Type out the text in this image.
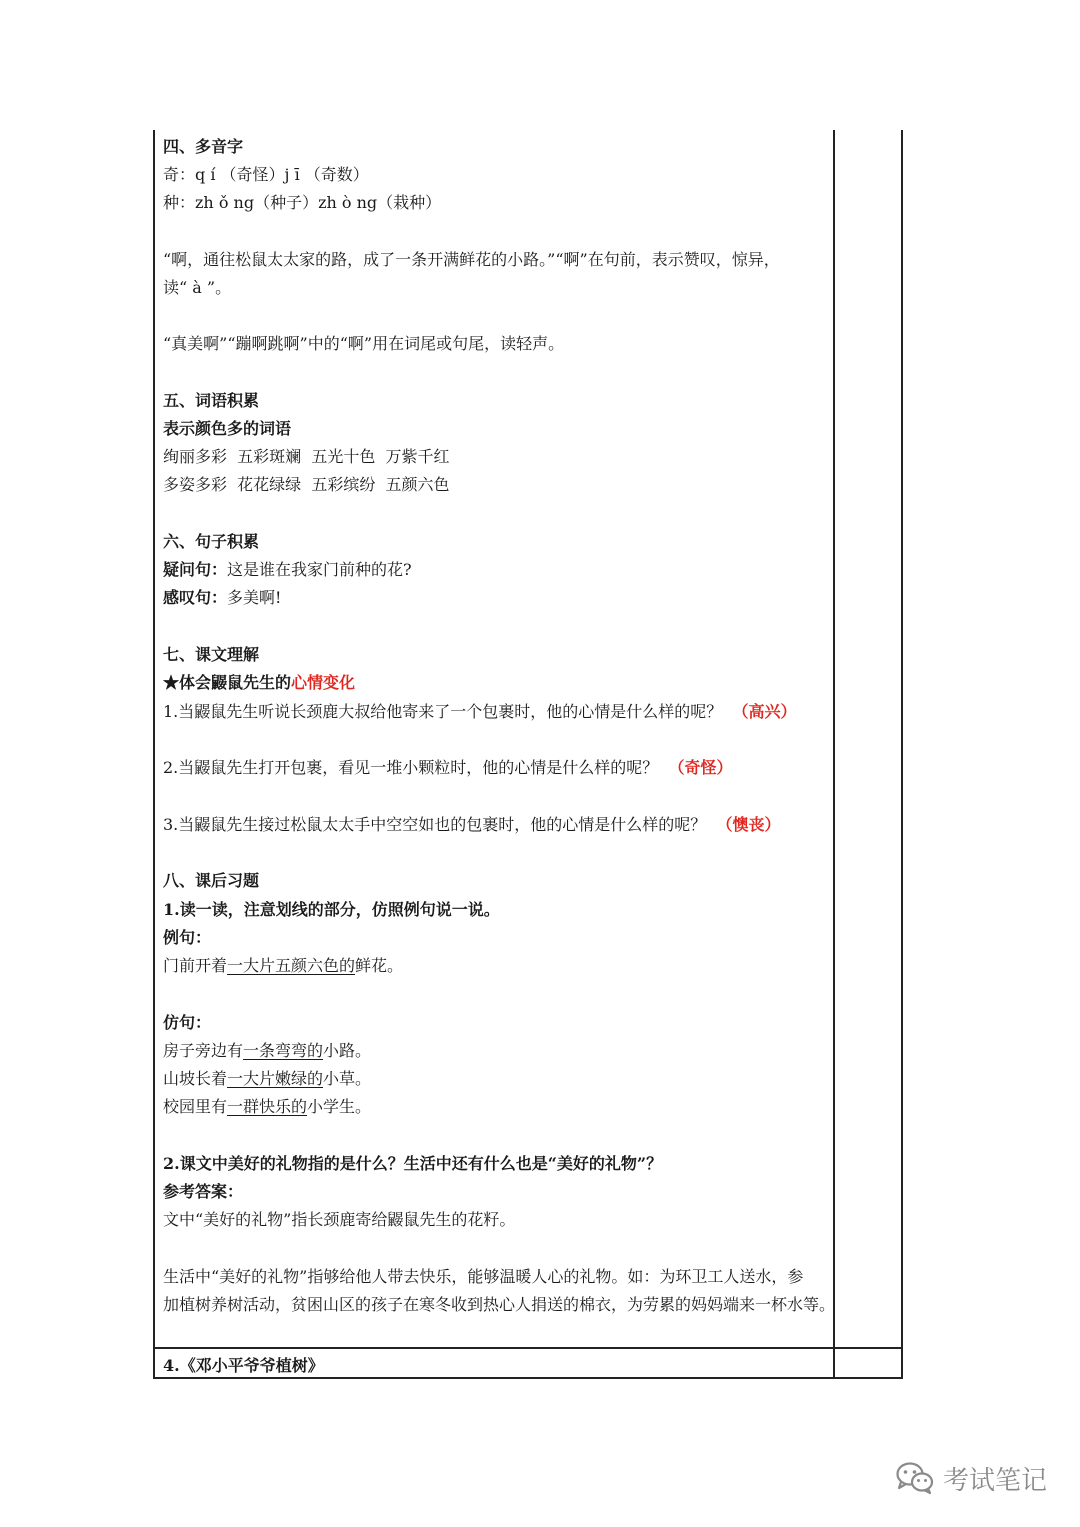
四、多音字
奇：q í （奇怪）j ī （奇数）
种：zh ǒ ng（种子）zh ò ng（栽种）
“啊，通往松鼠太太家的路，成了一条开满鲜花的小路。”“啊”在句前，表示赞叹，惊异，
读“ à ”。
“真美啊”“蹦啊跳啊”中的“啊”用在词尾或句尾，读轻声。
五、词语积累
表示颜色多的词语
绚丽多彩  五彩斑斓  五光十色  万紫千红
多姿多彩  花花绿绿  五彩缤纷  五颜六色
六、句子积累
疑问句：这是谁在我家门前种的花?
感叹句：多美啊!
七、课文理解
★体会鼹鼠先生的心情变化
1.当鼹鼠先生听说长颈鹿大叔给他寄来了一个包裹时，他的心情是什么样的呢？ （高兴）
2.当鼹鼠先生打开包裹，看见一堆小颗粒时，他的心情是什么样的呢？ （奇怪）
3.当鼹鼠先生接过松鼠太太手中空空如也的包裹时，他的心情是什么样的呢？ （懊丧）
八、课后习题
1.读一读，注意划线的部分，仿照例句说一说。
例句：
门前开着一大片五颜六色的鲜花。
仿句：
房子旁边有一条弯弯的小路。
山坡长着一大片嫩绿的小草。
校园里有一群快乐的小学生。
2.课文中美好的礼物指的是什么？生活中还有什么也是“美好的礼物”？
参考答案：
文中“美好的礼物”指长颈鹿寄给鼹鼠先生的花籽。
生活中“美好的礼物”指够给他人带去快乐，能够温暖人心的礼物。如：为环卫工人送水，参
加植树养树活动，贫困山区的孩子在寒冬收到热心人捐送的棉衣，为劳累的妈妈端来一杯水等。
4.《邓小平爷爷植树》
考试笔记
